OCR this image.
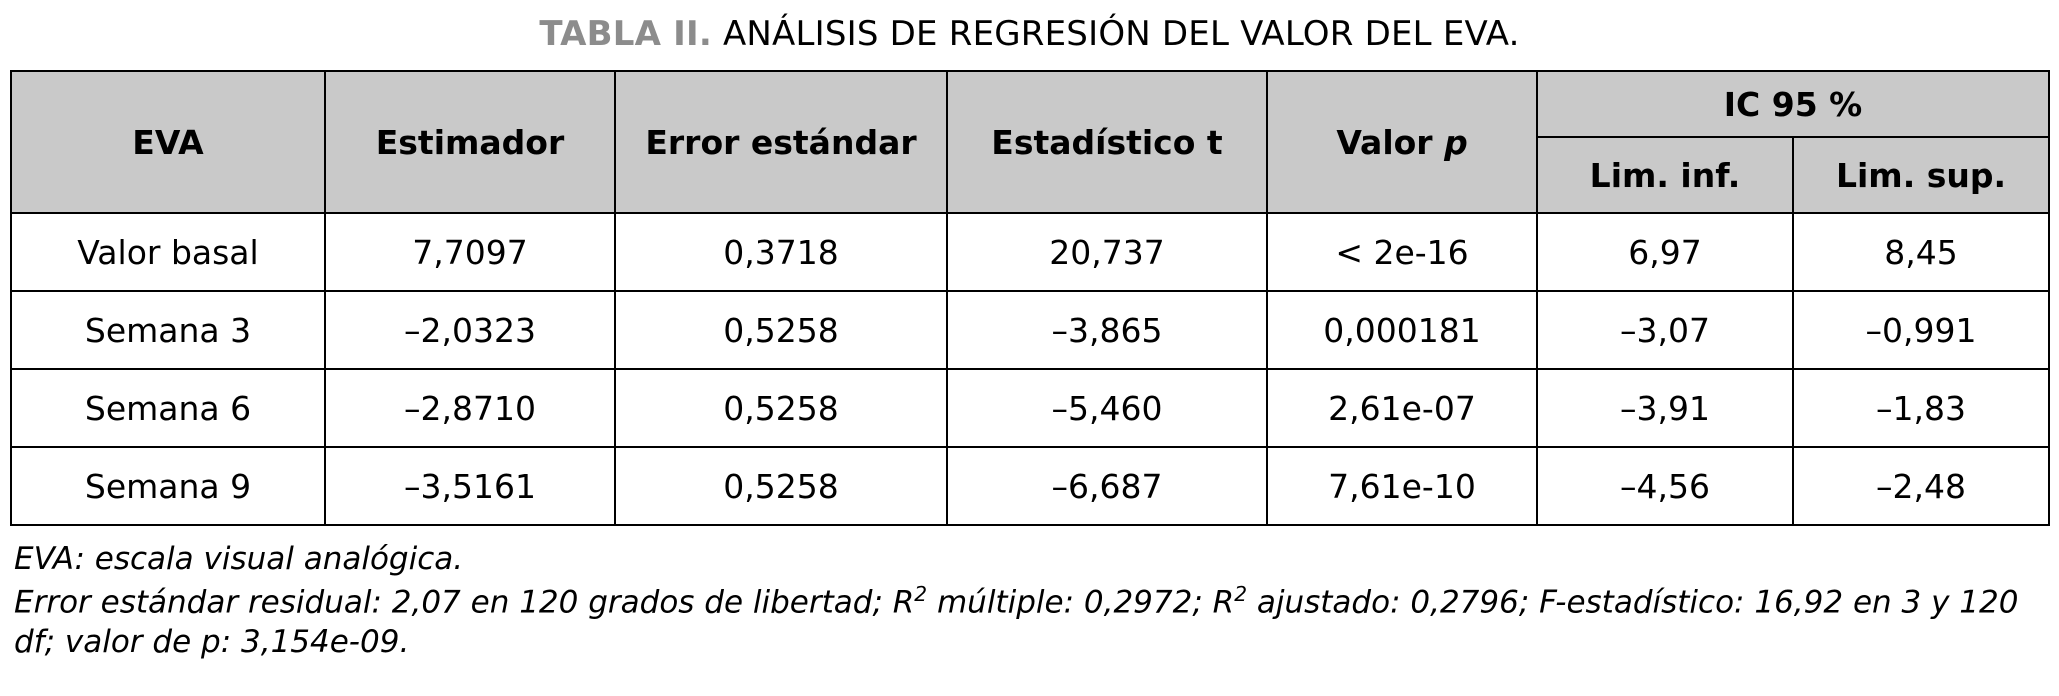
TABLA II. ANÁLISIS DE REGRESIÓN DEL VALOR DEL EVA.
EVA	Estimador	Error estándar	Estadístico t	Valor p	IC 95 %	
					Lim. inf.	Lim. sup.
Valor basal	7,7097	0,3718	20,737	< 2e-16	6,97	8,45
Semana 3	–2,0323	0,5258	–3,865	0,000181	–3,07	–0,991
Semana 6	–2,8710	0,5258	–5,460	2,61e-07	–3,91	–1,83
Semana 9	–3,5161	0,5258	–6,687	7,61e-10	–4,56	–2,48
EVA: escala visual analógica.
Error estándar residual: 2,07 en 120 grados de libertad; $R^2$ múltiple: 0,2972; $R^2$ ajustado: 0,2796; F-estadístico: 16,92 en 3 y 120 df; valor de p: 3,154e-09.
